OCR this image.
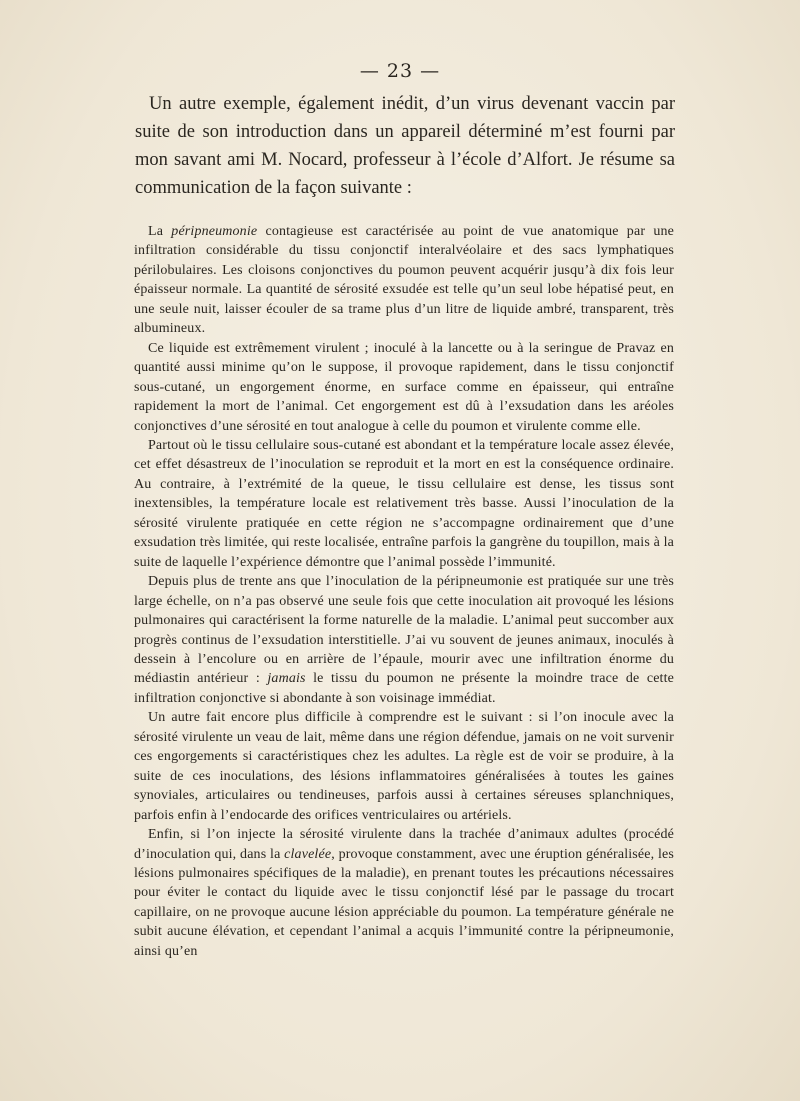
— 23 —

Un autre exemple, également inédit, d’un virus devenant vaccin par suite de son introduction dans un appareil déterminé m’est fourni par mon savant ami M. Nocard, professeur à l’école d’Alfort. Je résume sa communication de la façon suivante :

La péripneumonie contagieuse est caractérisée au point de vue anatomique par une infiltration considérable du tissu conjonctif interalvéolaire et des sacs lymphatiques périlobulaires. Les cloisons conjonctives du poumon peuvent acquérir jusqu’à dix fois leur épaisseur normale. La quantité de sérosité exsudée est telle qu’un seul lobe hépatisé peut, en une seule nuit, laisser écouler de sa trame plus d’un litre de liquide ambré, transparent, très albumineux.

Ce liquide est extrêmement virulent ; inoculé à la lancette ou à la seringue de Pravaz en quantité aussi minime qu’on le suppose, il provoque rapidement, dans le tissu conjonctif sous-cutané, un engorgement énorme, en surface comme en épaisseur, qui entraîne rapidement la mort de l’animal. Cet engorgement est dû à l’exsudation dans les aréoles conjonctives d’une sérosité en tout analogue à celle du poumon et virulente comme elle.

Partout où le tissu cellulaire sous-cutané est abondant et la température locale assez élevée, cet effet désastreux de l’inoculation se reproduit et la mort en est la conséquence ordinaire. Au contraire, à l’extrémité de la queue, le tissu cellulaire est dense, les tissus sont inextensibles, la température locale est relativement très basse. Aussi l’inoculation de la sérosité virulente pratiquée en cette région ne s’accompagne ordinairement que d’une exsudation très limitée, qui reste localisée, entraîne parfois la gangrène du toupillon, mais à la suite de laquelle l’expérience démontre que l’animal possède l’immunité.

Depuis plus de trente ans que l’inoculation de la péripneumonie est pratiquée sur une très large échelle, on n’a pas observé une seule fois que cette inoculation ait provoqué les lésions pulmonaires qui caractérisent la forme naturelle de la maladie. L’animal peut succomber aux progrès continus de l’exsudation interstitielle. J’ai vu souvent de jeunes animaux, inoculés à dessein à l’encolure ou en arrière de l’épaule, mourir avec une infiltration énorme du médiastin antérieur : jamais le tissu du poumon ne présente la moindre trace de cette infiltration conjonctive si abondante à son voisinage immédiat.

Un autre fait encore plus difficile à comprendre est le suivant : si l’on inocule avec la sérosité virulente un veau de lait, même dans une région défendue, jamais on ne voit survenir ces engorgements si caractéristiques chez les adultes. La règle est de voir se produire, à la suite de ces inoculations, des lésions inflammatoires généralisées à toutes les gaines synoviales, articulaires ou tendineuses, parfois aussi à certaines séreuses splanchniques, parfois enfin à l’endocarde des orifices ventriculaires ou artériels.

Enfin, si l’on injecte la sérosité virulente dans la trachée d’animaux adultes (procédé d’inoculation qui, dans la clavelée, provoque constamment, avec une éruption généralisée, les lésions pulmonaires spécifiques de la maladie), en prenant toutes les précautions nécessaires pour éviter le contact du liquide avec le tissu conjonctif lésé par le passage du trocart capillaire, on ne provoque aucune lésion appréciable du poumon. La température générale ne subit aucune élévation, et cependant l’animal a acquis l’immunité contre la péripneumonie, ainsi qu’en
